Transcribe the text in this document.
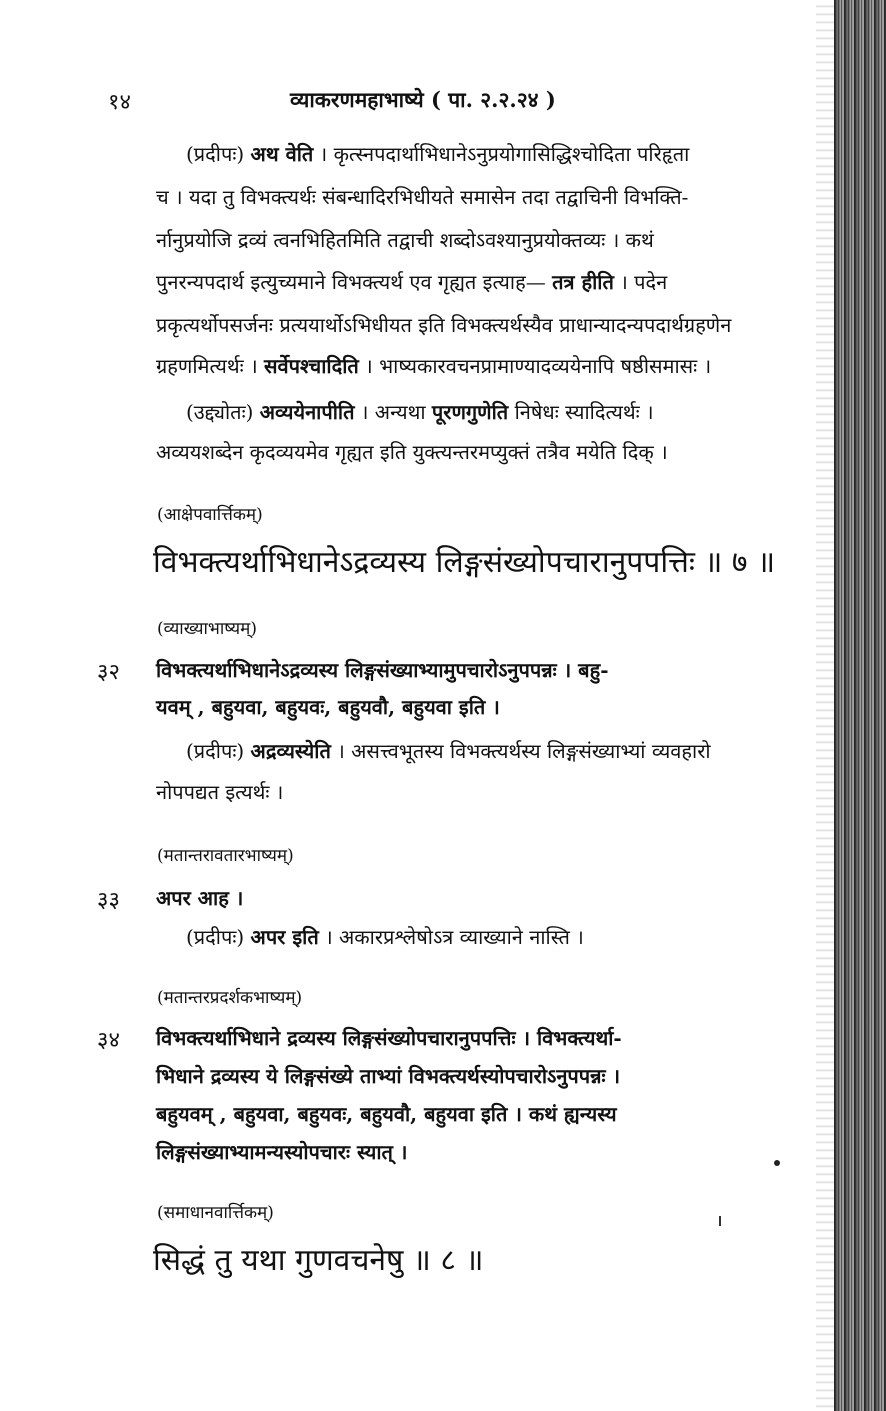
१४	व्याकरणमहाभाष्ये ( पा. २.२.२४ )
(प्रदीपः) अथ वेति । कृत्स्नपदार्थाभिधानेऽनुप्रयोगासिद्धिश्चोदिता परिहृता
च । यदा तु विभक्त्यर्थः संबन्धादिरभिधीयते समासेन तदा तद्वाचिनी विभक्ति-
र्नानुप्रयोजि द्रव्यं त्वनभिहितमिति तद्वाची शब्दोऽवश्यानुप्रयोक्तव्यः । कथं
पुनरन्यपदार्थ इत्युच्यमाने विभक्त्यर्थ एव गृह्यत इत्याह— तत्र हीति । पदेन
प्रकृत्यर्थोपसर्जनः प्रत्ययार्थोऽभिधीयत इति विभक्त्यर्थस्यैव प्राधान्यादन्यपदार्थग्रहणेन
ग्रहणमित्यर्थः । सर्वेपश्चादिति । भाष्यकारवचनप्रामाण्यादव्ययेनापि षष्ठीसमासः ।
(उद्द्योतः) अव्ययेनापीति । अन्यथा पूरणगुणेति निषेधः स्यादित्यर्थः ।
अव्ययशब्देन कृदव्ययमेव गृह्यत इति युक्त्यन्तरमप्युक्तं तत्रैव मयेति दिक् ।
(आक्षेपवार्त्तिकम्)
विभक्त्यर्थाभिधानेऽद्रव्यस्य लिङ्गसंख्योपचारानुपपत्तिः ॥ ७ ॥
(व्याख्याभाष्यम्)
३२ विभक्त्यर्थाभिधानेऽद्रव्यस्य लिङ्गसंख्याभ्यामुपचारोऽनुपपन्नः । बहु-
यवम् , बहुयवा, बहुयवः, बहुयवौ, बहुयवा इति ।
(प्रदीपः) अद्रव्यस्येति । असत्त्वभूतस्य विभक्त्यर्थस्य लिङ्गसंख्याभ्यां व्यवहारो
नोपपद्यत इत्यर्थः ।
(मतान्तरावतारभाष्यम्)
३३ अपर आह ।
(प्रदीपः) अपर इति । अकारप्रश्लेषोऽत्र व्याख्याने नास्ति ।
(मतान्तरप्रदर्शकभाष्यम्)
३४ विभक्त्यर्थाभिधाने द्रव्यस्य लिङ्गसंख्योपचारानुपपत्तिः । विभक्त्यर्था-
भिधाने द्रव्यस्य ये लिङ्गसंख्ये ताभ्यां विभक्त्यर्थस्योपचारोऽनुपपन्नः ।
बहुयवम् , बहुयवा, बहुयवः, बहुयवौ, बहुयवा इति । कथं ह्यन्यस्य
लिङ्गसंख्याभ्यामन्यस्योपचारः स्यात् ।
(समाधानवार्त्तिकम्)
सिद्धं तु यथा गुणवचनेषु ॥ ८ ॥
